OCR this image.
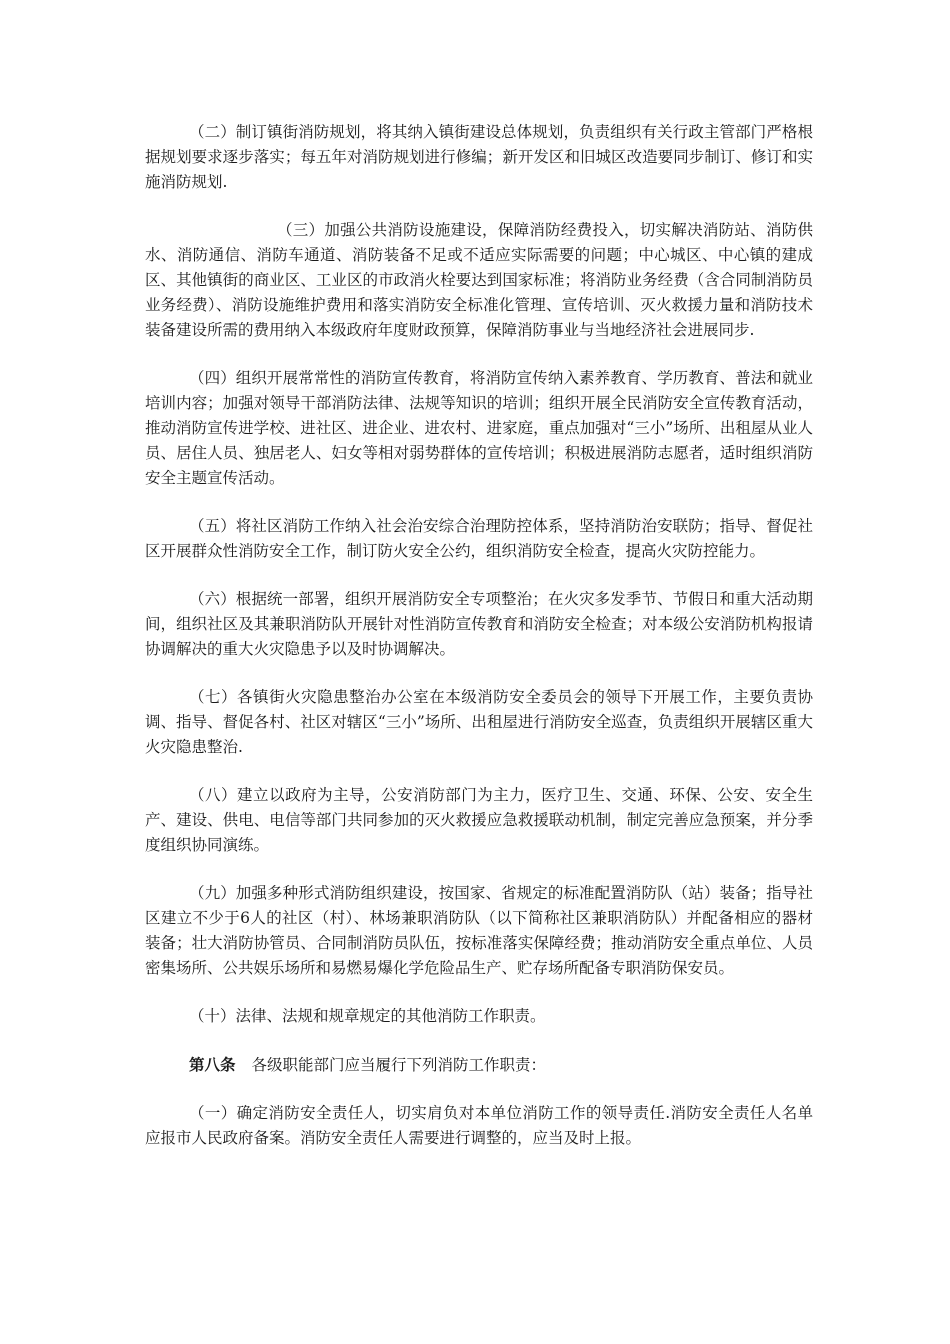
（二）制订镇街消防规划，将其纳入镇街建设总体规划，负责组织有关行政主管部门严格根据规划要求逐步落实；每五年对消防规划进行修编；新开发区和旧城区改造要同步制订、修订和实施消防规划.

（三）加强公共消防设施建设，保障消防经费投入，切实解决消防站、消防供水、消防通信、消防车通道、消防装备不足或不适应实际需要的问题；中心城区、中心镇的建成区、其他镇街的商业区、工业区的市政消火栓要达到国家标准；将消防业务经费（含合同制消防员业务经费）、消防设施维护费用和落实消防安全标准化管理、宣传培训、灭火救援力量和消防技术装备建设所需的费用纳入本级政府年度财政预算，保障消防事业与当地经济社会进展同步.

（四）组织开展常常性的消防宣传教育，将消防宣传纳入素养教育、学历教育、普法和就业培训内容；加强对领导干部消防法律、法规等知识的培训；组织开展全民消防安全宣传教育活动，推动消防宣传进学校、进社区、进企业、进农村、进家庭，重点加强对“三小”场所、出租屋从业人员、居住人员、独居老人、妇女等相对弱势群体的宣传培训；积极进展消防志愿者，适时组织消防安全主题宣传活动。

（五）将社区消防工作纳入社会治安综合治理防控体系，坚持消防治安联防；指导、督促社区开展群众性消防安全工作，制订防火安全公约，组织消防安全检查，提高火灾防控能力。

（六）根据统一部署，组织开展消防安全专项整治；在火灾多发季节、节假日和重大活动期间，组织社区及其兼职消防队开展针对性消防宣传教育和消防安全检查；对本级公安消防机构报请协调解决的重大火灾隐患予以及时协调解决。

（七）各镇街火灾隐患整治办公室在本级消防安全委员会的领导下开展工作，主要负责协调、指导、督促各村、社区对辖区“三小”场所、出租屋进行消防安全巡查，负责组织开展辖区重大火灾隐患整治.

（八）建立以政府为主导，公安消防部门为主力，医疗卫生、交通、环保、公安、安全生产、建设、供电、电信等部门共同参加的灭火救援应急救援联动机制，制定完善应急预案，并分季度组织协同演练。

（九）加强多种形式消防组织建设，按国家、省规定的标准配置消防队（站）装备；指导社区建立不少于6人的社区（村）、林场兼职消防队（以下简称社区兼职消防队）并配备相应的器材装备；壮大消防协管员、合同制消防员队伍，按标准落实保障经费；推动消防安全重点单位、人员密集场所、公共娱乐场所和易燃易爆化学危险品生产、贮存场所配备专职消防保安员。

（十）法律、法规和规章规定的其他消防工作职责。

第八条 各级职能部门应当履行下列消防工作职责：

（一）确定消防安全责任人，切实肩负对本单位消防工作的领导责任.消防安全责任人名单应报市人民政府备案。消防安全责任人需要进行调整的，应当及时上报。
